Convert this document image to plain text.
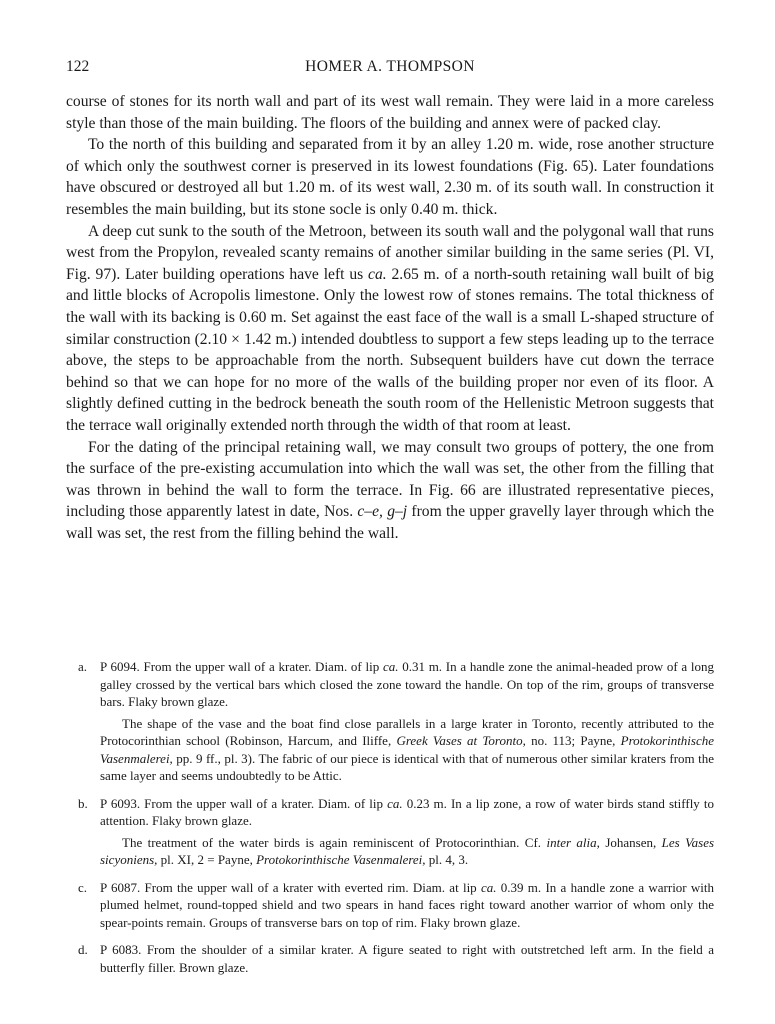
122	HOMER A. THOMPSON

course of stones for its north wall and part of its west wall remain. They were laid in a more careless style than those of the main building. The floors of the building and annex were of packed clay.

To the north of this building and separated from it by an alley 1.20 m. wide, rose another structure of which only the southwest corner is preserved in its lowest foundations (Fig. 65). Later foundations have obscured or destroyed all but 1.20 m. of its west wall, 2.30 m. of its south wall. In construction it resembles the main building, but its stone socle is only 0.40 m. thick.

A deep cut sunk to the south of the Metroon, between its south wall and the polygonal wall that runs west from the Propylon, revealed scanty remains of another similar building in the same series (Pl. VI, Fig. 97). Later building operations have left us ca. 2.65 m. of a north-south retaining wall built of big and little blocks of Acropolis limestone. Only the lowest row of stones remains. The total thickness of the wall with its backing is 0.60 m. Set against the east face of the wall is a small L-shaped structure of similar construction (2.10 × 1.42 m.) intended doubtless to support a few steps leading up to the terrace above, the steps to be approachable from the north. Subsequent builders have cut down the terrace behind so that we can hope for no more of the walls of the building proper nor even of its floor. A slightly defined cutting in the bedrock beneath the south room of the Hellenistic Metroon suggests that the terrace wall originally extended north through the width of that room at least.

For the dating of the principal retaining wall, we may consult two groups of pottery, the one from the surface of the pre-existing accumulation into which the wall was set, the other from the filling that was thrown in behind the wall to form the terrace. In Fig. 66 are illustrated representative pieces, including those apparently latest in date, Nos. c–e, g–j from the upper gravelly layer through which the wall was set, the rest from the filling behind the wall.

a. P 6094. From the upper wall of a krater. Diam. of lip ca. 0.31 m. In a handle zone the animal-headed prow of a long galley crossed by the vertical bars which closed the zone toward the handle. On top of the rim, groups of transverse bars. Flaky brown glaze.

The shape of the vase and the boat find close parallels in a large krater in Toronto, recently attributed to the Protocorinthian school (Robinson, Harcum, and Iliffe, Greek Vases at Toronto, no. 113; Payne, Protokorinthische Vasenmalerei, pp. 9 ff., pl. 3). The fabric of our piece is identical with that of numerous other similar kraters from the same layer and seems undoubtedly to be Attic.

b. P 6093. From the upper wall of a krater. Diam. of lip ca. 0.23 m. In a lip zone, a row of water birds stand stiffly to attention. Flaky brown glaze.

The treatment of the water birds is again reminiscent of Protocorinthian. Cf. inter alia, Johansen, Les Vases sicyoniens, pl. XI, 2 = Payne, Protokorinthische Vasenmalerei, pl. 4, 3.

c. P 6087. From the upper wall of a krater with everted rim. Diam. at lip ca. 0.39 m. In a handle zone a warrior with plumed helmet, round-topped shield and two spears in hand faces right toward another warrior of whom only the spear-points remain. Groups of transverse bars on top of rim. Flaky brown glaze.

d. P 6083. From the shoulder of a similar krater. A figure seated to right with outstretched left arm. In the field a butterfly filler. Brown glaze.
